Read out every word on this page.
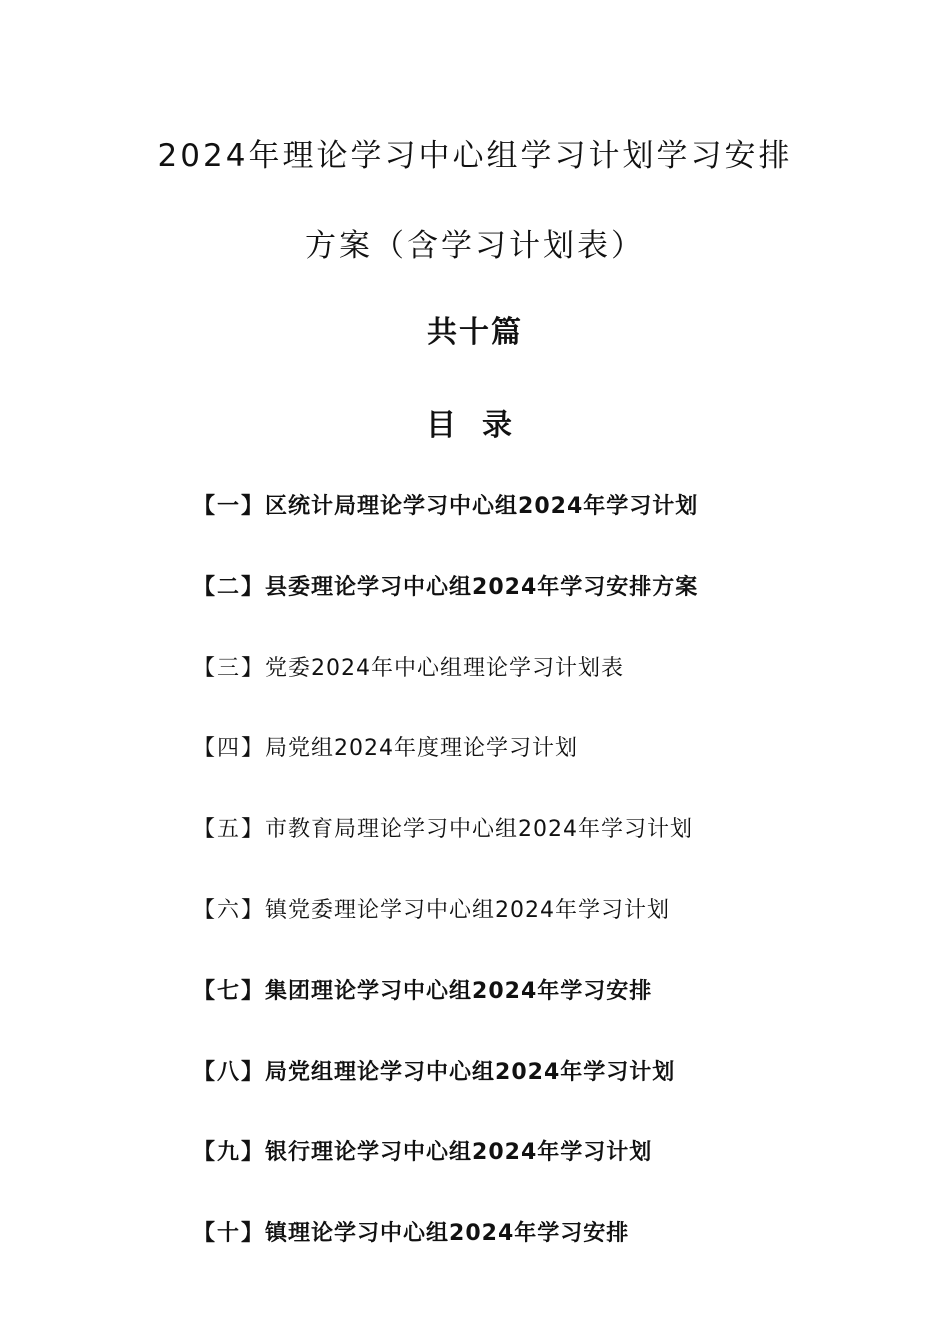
2024年理论学习中心组学习计划学习安排
方案（含学习计划表）
共十篇
目录
【一】区统计局理论学习中心组2024年学习计划
【二】县委理论学习中心组2024年学习安排方案
【三】党委2024年中心组理论学习计划表
【四】局党组2024年度理论学习计划
【五】市教育局理论学习中心组2024年学习计划
【六】镇党委理论学习中心组2024年学习计划
【七】集团理论学习中心组2024年学习安排
【八】局党组理论学习中心组2024年学习计划
【九】银行理论学习中心组2024年学习计划
【十】镇理论学习中心组2024年学习安排
